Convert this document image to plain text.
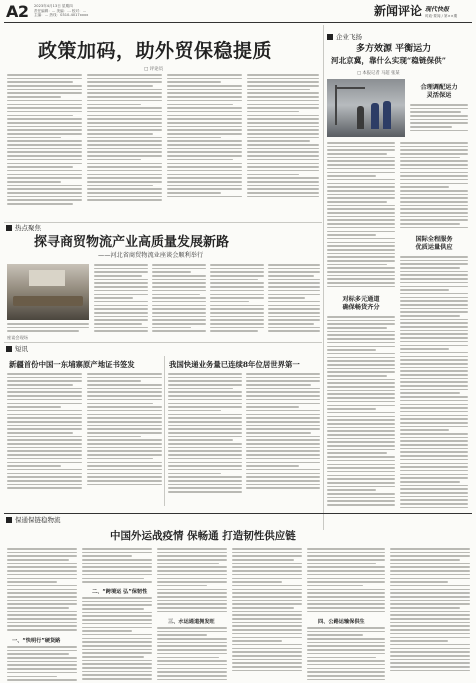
A2 2023年4月13日 星期四
责任编辑：... 美编：... 校对：...
主编：... 热线：0310-4017xxxx	新闻评论 现代快报
时政·要闻 / 第××期
政策加码，助外贸保稳提质
□ 评论员
企业飞扬
多方效源 平衡运力
河北京冀，靠什么实现“稳链保供”
□ 本报记者 马超 张某
合理调配运力
灵活保运
国际全程服务
优质运量供应
对标多元通道
确保畅货齐分
热点聚焦
探寻商贸物流产业高质量发展新路
——河北省商贸物流业座谈会顺利举行
座谈会现场
短讯
新疆首份中国一东埔寨原产地证书签发	我国快递业务量已连续8年位居世界第一
保通保链稳物流
中国外运战疫情 保畅通 打造韧性供应链
一、“快明行”硬货路
二、“跨境运 弘”保韧性
三、水运通道拥发旺	四、公路运输保供生
